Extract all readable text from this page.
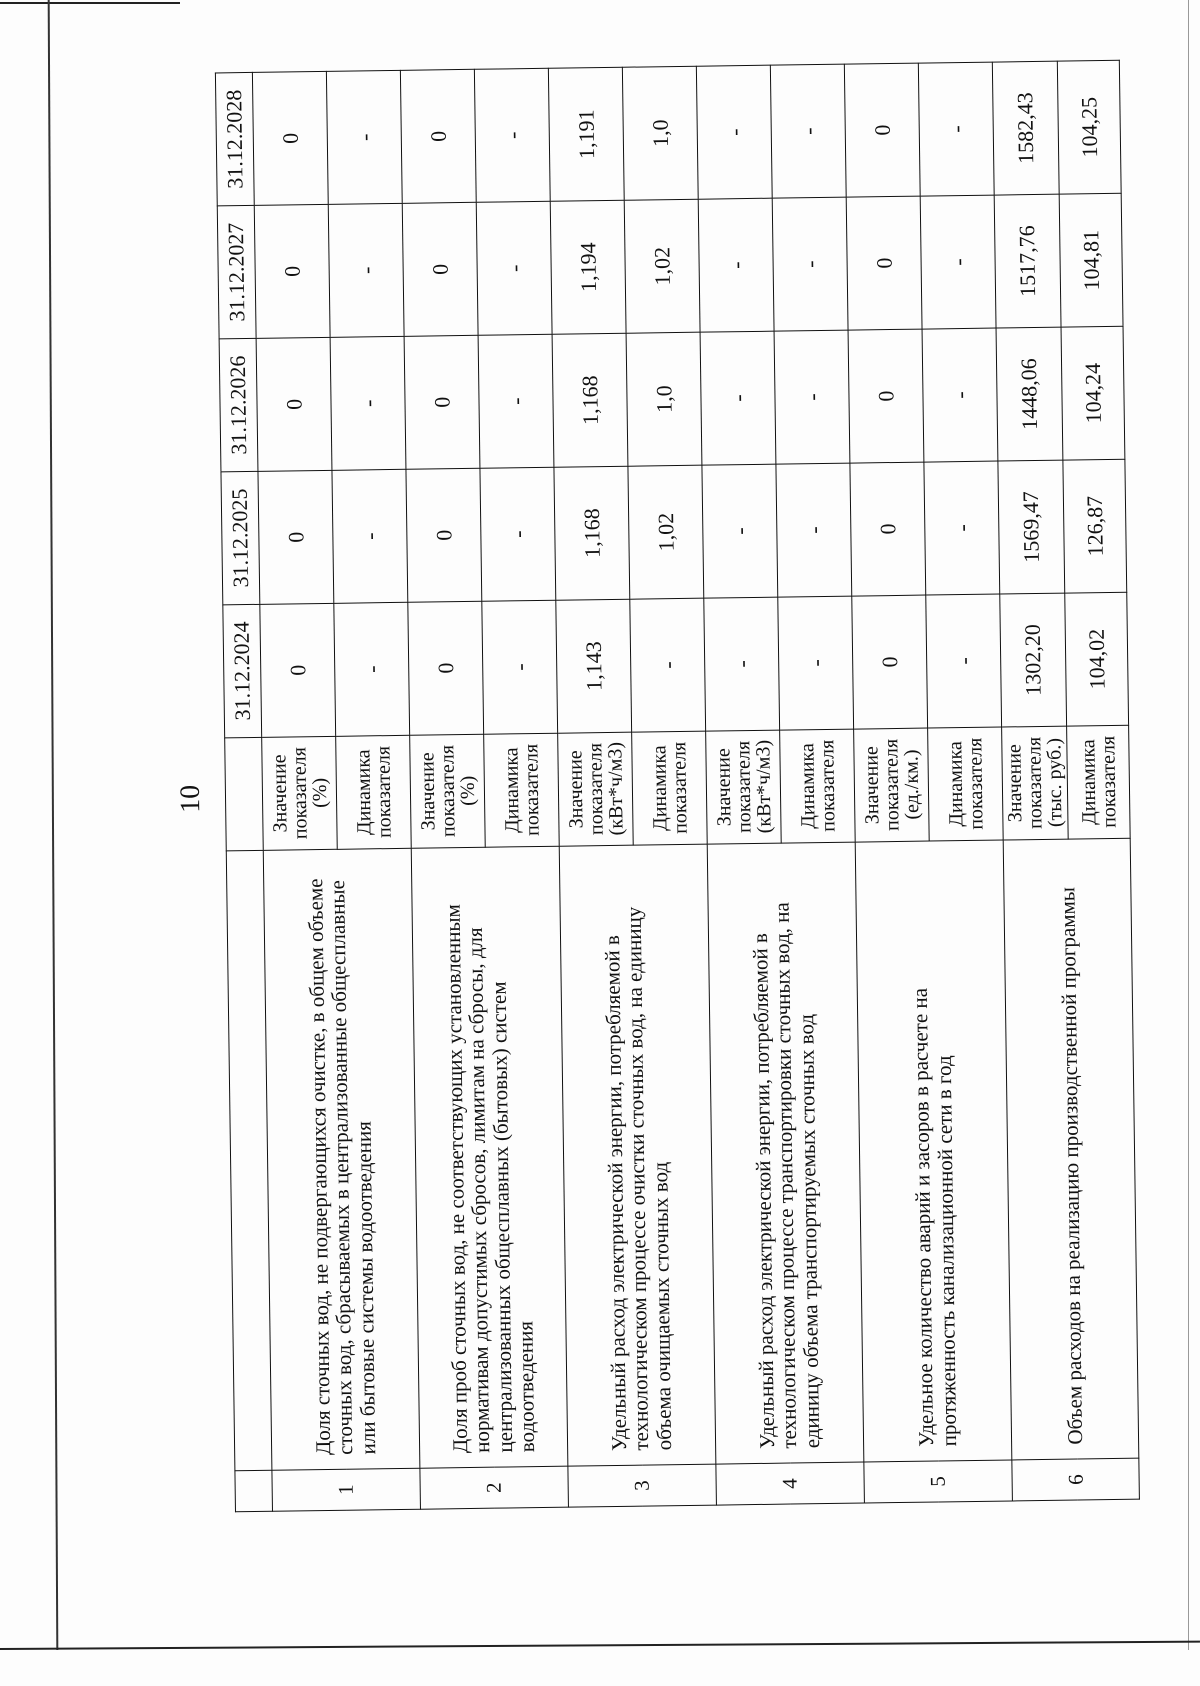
10
			31.12.2024	31.12.2025	31.12.2026	31.12.2027	31.12.2028
1	Доля сточных вод, не подвергающихся очистке, в общем объеме сточных вод, сбрасываемых в централизованные общесплавные или бытовые системы водоотведения	Значение показателя (%)	0	0	0	0	0
		Динамика показателя	-	-	-	-	-
2	Доля проб сточных вод, не соответствующих установленным нормативам допустимых сбросов, лимитам на сбросы, для централизованных общесплавных (бытовых) систем водоотведения	Значение показателя (%)	0	0	0	0	0
		Динамика показателя	-	-	-	-	-
3	Удельный расход электрической энергии, потребляемой в технологическом процессе очистки сточных вод, на единицу объема очищаемых сточных вод	Значение показателя (кВт*ч/м3)	1,143	1,168	1,168	1,194	1,191
		Динамика показателя	-	1,02	1,0	1,02	1,0
4	Удельный расход электрической энергии, потребляемой в технологическом процессе транспортировки сточных вод, на единицу объема транспортируемых сточных вод	Значение показателя (кВт*ч/м3)	-	-	-	-	-
		Динамика показателя	-	-	-	-	-
5	Удельное количество аварий и засоров в расчете на протяженность канализационной сети в год	Значение показателя (ед./км.)	0	0	0	0	0
		Динамика показателя	-	-	-	-	-
6	Объем расходов на реализацию производственной программы	Значение показателя (тыс. руб.)	1302,20	1569,47	1448,06	1517,76	1582,43
		Динамика показателя	104,02	126,87	104,24	104,81	104,25
